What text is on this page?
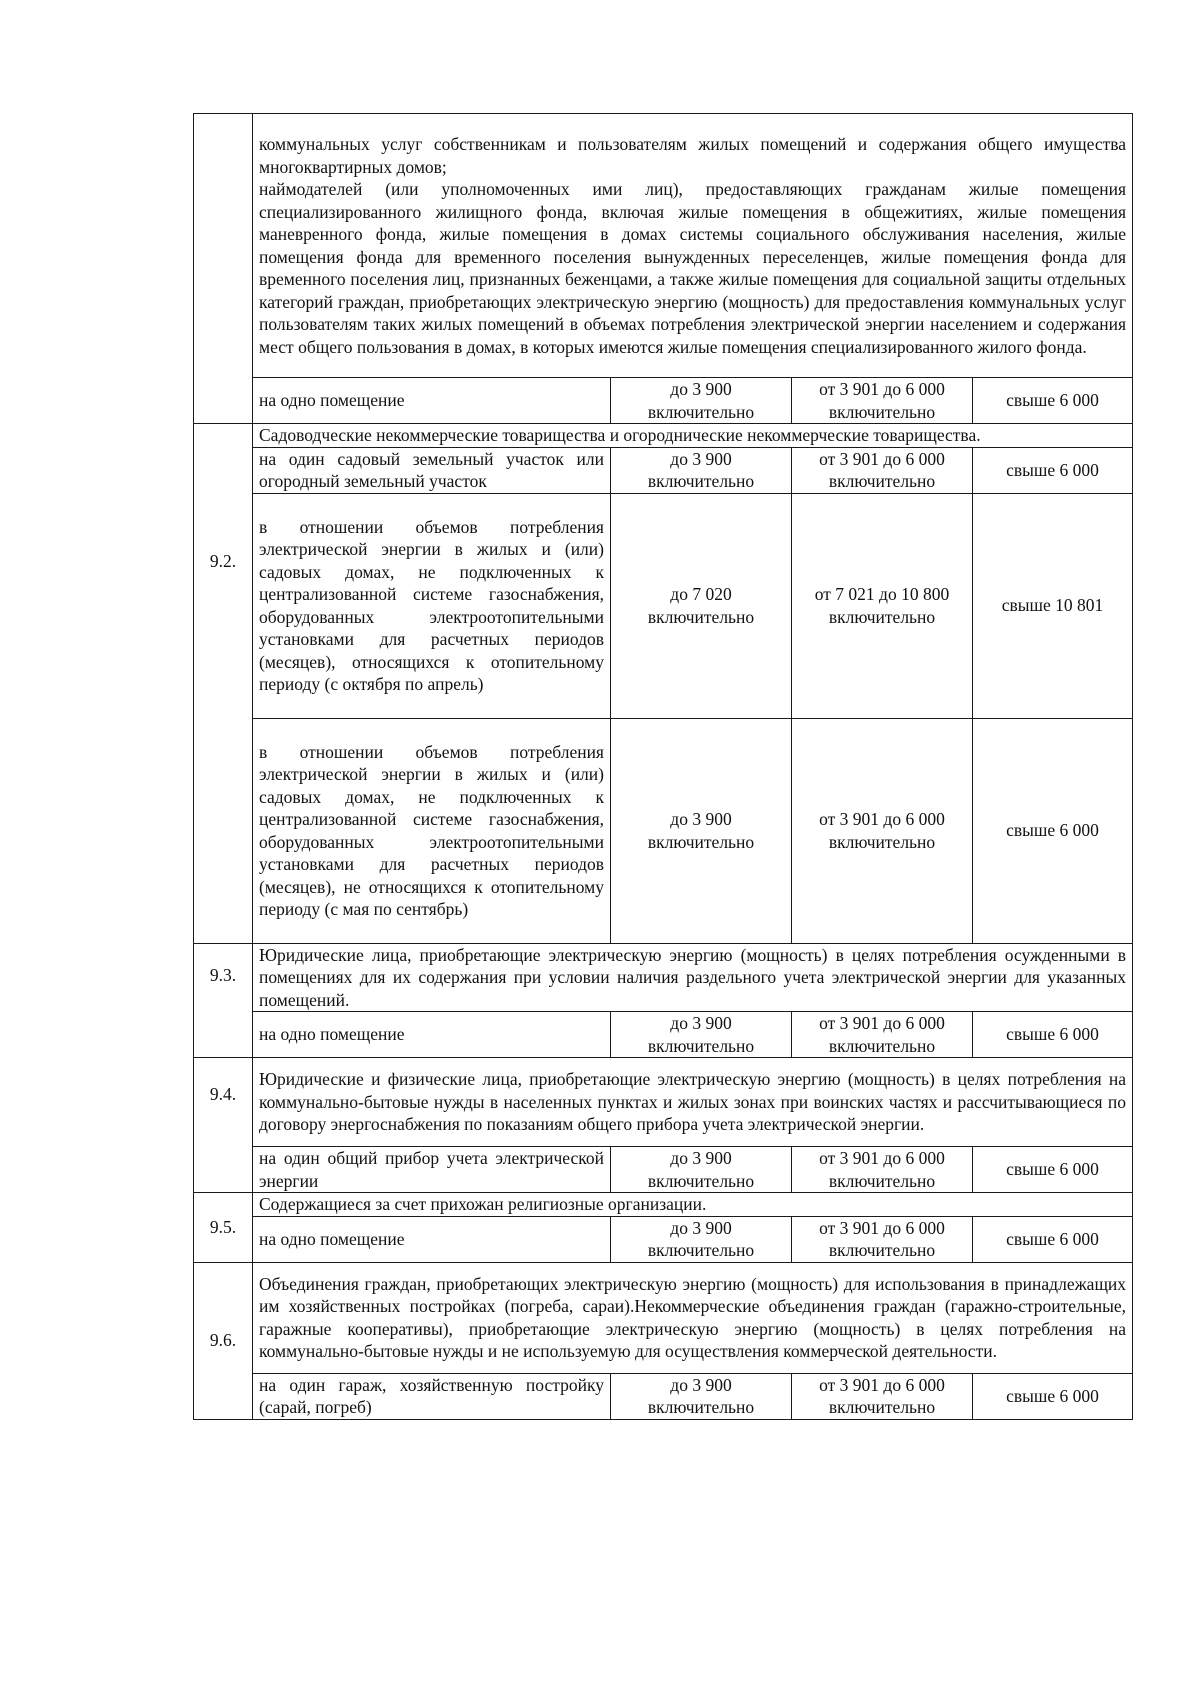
	коммунальных услуг собственникам и пользователям жилых помещений и содержания общего имущества многоквартирных домов;
наймодателей (или уполномоченных ими лиц), предоставляющих гражданам жилые помещения специализированного жилищного фонда, включая жилые помещения в общежитиях, жилые помещения маневренного фонда, жилые помещения в домах системы социального обслуживания населения, жилые помещения фонда для временного поселения вынужденных переселенцев, жилые помещения фонда для временного поселения лиц, признанных беженцами, а также жилые помещения для социальной защиты отдельных категорий граждан, приобретающих электрическую энергию (мощность) для предоставления коммунальных услуг пользователям таких жилых помещений в объемах потребления электрической энергии населением и содержания мест общего пользования в домах, в которых имеются жилые помещения специализированного жилого фонда.			

	на одно помещение	до 3 900 включительно	от 3 901 до 6 000 включительно	свыше 6 000
9.2.	Садоводческие некоммерческие товарищества и огороднические некоммерческие товарищества.			
	на один садовый земельный участок или огородный земельный участок	до 3 900 включительно	от 3 901 до 6 000 включительно	свыше 6 000
	в отношении объемов потребления электрической энергии в жилых и (или) садовых домах, не подключенных к централизованной системе газоснабжения, оборудованных электроотопительными установками для расчетных периодов (месяцев), относящихся к отопительному периоду (с октября по апрель)	до 7 020 включительно	от 7 021 до 10 800 включительно	свыше 10 801
	в отношении объемов потребления электрической энергии в жилых и (или) садовых домах, не подключенных к централизованной системе газоснабжения, оборудованных электроотопительными установками для расчетных периодов (месяцев), не относящихся к отопительному периоду (с мая по сентябрь)	до 3 900 включительно	от 3 901 до 6 000 включительно	свыше 6 000
9.3.	Юридические лица, приобретающие электрическую энергию (мощность) в целях потребления осужденными в помещениях для их содержания при условии наличия раздельного учета электрической энергии для указанных помещений.			
	на одно помещение	до 3 900 включительно	от 3 901 до 6 000 включительно	свыше 6 000
9.4.	Юридические и физические лица, приобретающие электрическую энергию (мощность) в целях потребления на коммунально-бытовые нужды в населенных пунктах и жилых зонах при воинских частях и рассчитывающиеся по договору энергоснабжения по показаниям общего прибора учета электрической энергии.			
	на один общий прибор учета электрической энергии	до 3 900 включительно	от 3 901 до 6 000 включительно	свыше 6 000
9.5.	Содержащиеся за счет прихожан религиозные организации.			
	на одно помещение	до 3 900 включительно	от 3 901 до 6 000 включительно	свыше 6 000
9.6.	Объединения граждан, приобретающих электрическую энергию (мощность) для использования в принадлежащих им хозяйственных постройках (погреба, сараи).Некоммерческие объединения граждан (гаражно-строительные, гаражные кооперативы), приобретающие электрическую энергию (мощность) в целях потребления на коммунально-бытовые нужды и не используемую для осуществления коммерческой деятельности.			
	на один гараж, хозяйственную постройку (сарай, погреб)	до 3 900 включительно	от 3 901 до 6 000 включительно	свыше 6 000
